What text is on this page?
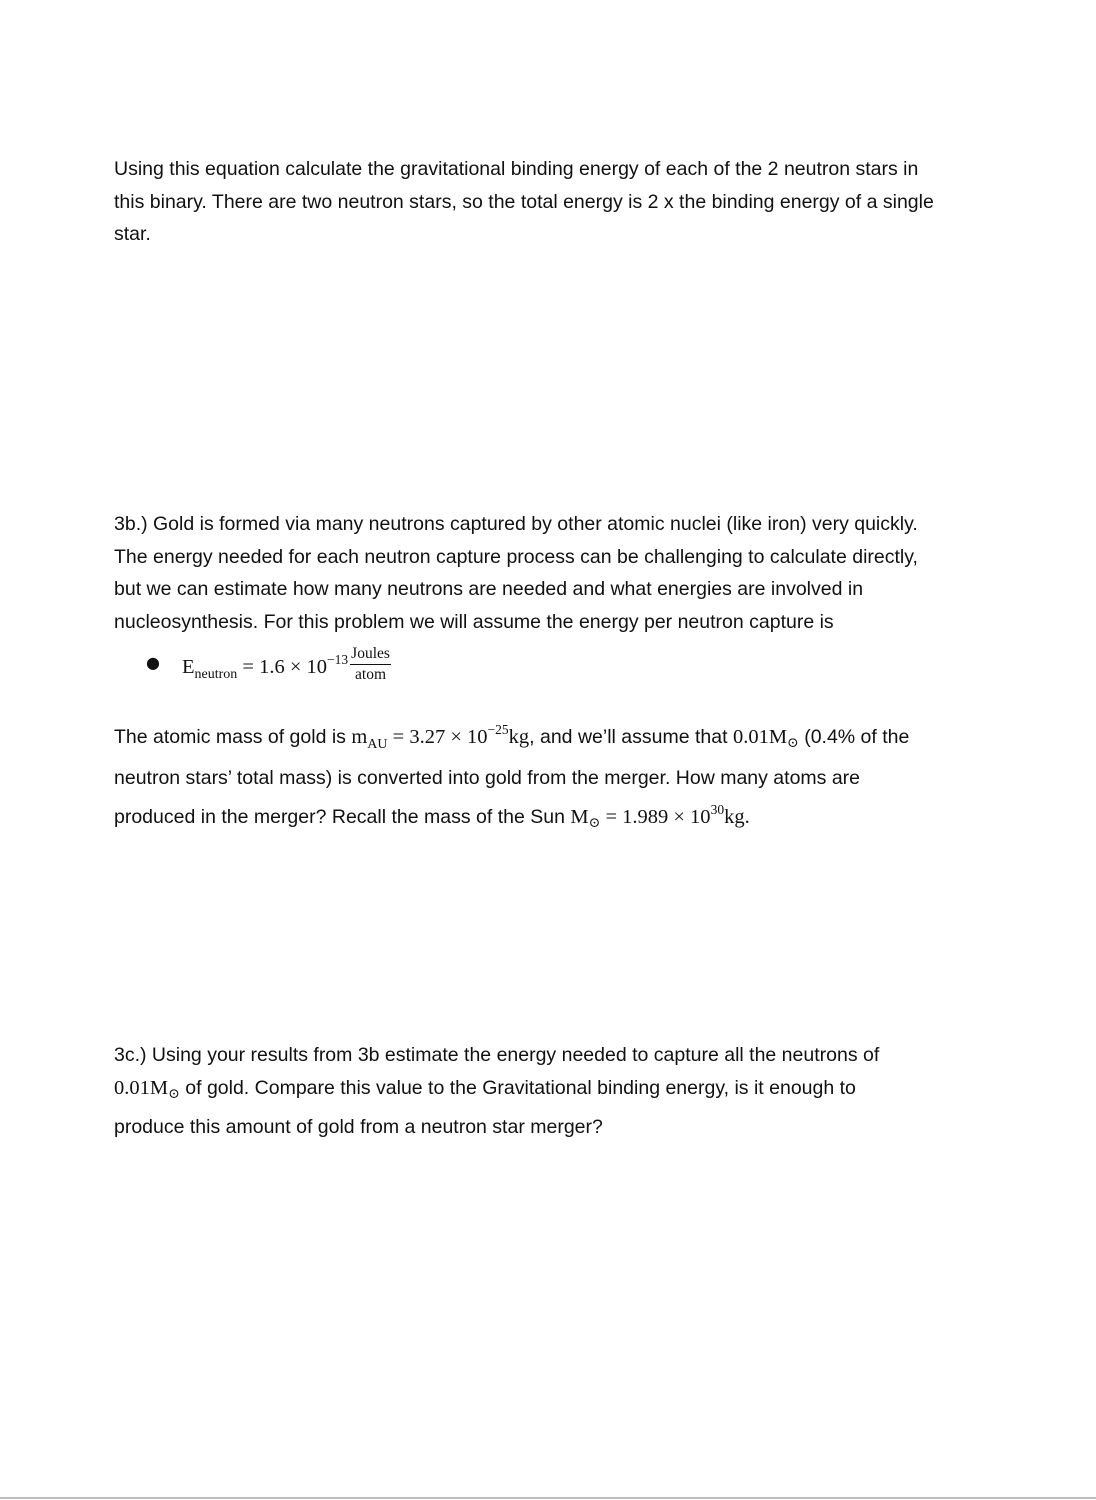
Using this equation calculate the gravitational binding energy of each of the 2 neutron stars in
this binary. There are two neutron stars, so the total energy is 2 x the binding energy of a single
star.

3b.) Gold is formed via many neutrons captured by other atomic nuclei (like iron) very quickly.
The energy needed for each neutron capture process can be challenging to calculate directly,
but we can estimate how many neutrons are needed and what energies are involved in
nucleosynthesis. For this problem we will assume the energy per neutron capture is

● $E_{neutron} = 1.6 \times 10^{-13} \frac{\text{Joules}}{\text{atom}}$

The atomic mass of gold is $m_{AU} = 3.27 \times 10^{-25}kg$, and we’ll assume that 0.01M⊙ (0.4% of the
neutron stars’ total mass) is converted into gold from the merger. How many atoms are
produced in the merger? Recall the mass of the Sun M⊙ = $1.989 \times 10^{30}kg$.

3c.) Using your results from 3b estimate the energy needed to capture all the neutrons of
0.01M⊙ of gold. Compare this value to the Gravitational binding energy, is it enough to
produce this amount of gold from a neutron star merger?
